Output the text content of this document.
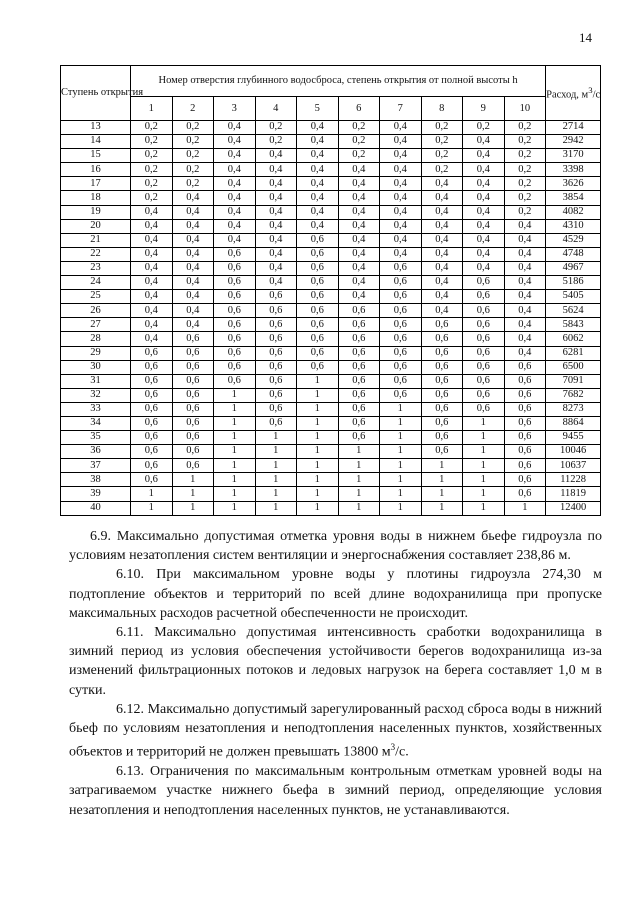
14
Ступень открытия	Номер отверстия глубинного водосброса, степень открытия от полной высоты h										Расход, $м^3/с$
	1	2	3	4	5	6	7	8	9	10	
13	0,2	0,2	0,4	0,2	0,4	0,2	0,4	0,2	0,2	0,2	2714
14	0,2	0,2	0,4	0,2	0,4	0,2	0,4	0,2	0,4	0,2	2942
15	0,2	0,2	0,4	0,4	0,4	0,2	0,4	0,2	0,4	0,2	3170
16	0,2	0,2	0,4	0,4	0,4	0,4	0,4	0,2	0,4	0,2	3398
17	0,2	0,2	0,4	0,4	0,4	0,4	0,4	0,4	0,4	0,2	3626
18	0,2	0,4	0,4	0,4	0,4	0,4	0,4	0,4	0,4	0,2	3854
19	0,4	0,4	0,4	0,4	0,4	0,4	0,4	0,4	0,4	0,2	4082
20	0,4	0,4	0,4	0,4	0,4	0,4	0,4	0,4	0,4	0,4	4310
21	0,4	0,4	0,4	0,4	0,6	0,4	0,4	0,4	0,4	0,4	4529
22	0,4	0,4	0,6	0,4	0,6	0,4	0,4	0,4	0,4	0,4	4748
23	0,4	0,4	0,6	0,4	0,6	0,4	0,6	0,4	0,4	0,4	4967
24	0,4	0,4	0,6	0,4	0,6	0,4	0,6	0,4	0,6	0,4	5186
25	0,4	0,4	0,6	0,6	0,6	0,4	0,6	0,4	0,6	0,4	5405
26	0,4	0,4	0,6	0,6	0,6	0,6	0,6	0,4	0,6	0,4	5624
27	0,4	0,4	0,6	0,6	0,6	0,6	0,6	0,6	0,6	0,4	5843
28	0,4	0,6	0,6	0,6	0,6	0,6	0,6	0,6	0,6	0,4	6062
29	0,6	0,6	0,6	0,6	0,6	0,6	0,6	0,6	0,6	0,4	6281
30	0,6	0,6	0,6	0,6	0,6	0,6	0,6	0,6	0,6	0,6	6500
31	0,6	0,6	0,6	0,6	1	0,6	0,6	0,6	0,6	0,6	7091
32	0,6	0,6	1	0,6	1	0,6	0,6	0,6	0,6	0,6	7682
33	0,6	0,6	1	0,6	1	0,6	1	0,6	0,6	0,6	8273
34	0,6	0,6	1	0,6	1	0,6	1	0,6	1	0,6	8864
35	0,6	0,6	1	1	1	0,6	1	0,6	1	0,6	9455
36	0,6	0,6	1	1	1	1	1	0,6	1	0,6	10046
37	0,6	0,6	1	1	1	1	1	1	1	0,6	10637
38	0,6	1	1	1	1	1	1	1	1	0,6	11228
39	1	1	1	1	1	1	1	1	1	0,6	11819
40	1	1	1	1	1	1	1	1	1	1	12400

6.9. Максимально допустимая отметка уровня воды в нижнем бьефе гидроузла по условиям незатопления систем вентиляции и энергоснабжения составляет 238,86 м.

6.10. При максимальном уровне воды у плотины гидроузла 274,30 м подтопление объектов и территорий по всей длине водохранилища при пропуске максимальных расходов расчетной обеспеченности не происходит.

6.11. Максимально допустимая интенсивность сработки водохранилища в зимний период из условия обеспечения устойчивости берегов водохранилища из-за изменений фильтрационных потоков и ледовых нагрузок на берега составляет 1,0 м в сутки.

6.12. Максимально допустимый зарегулированный расход сброса воды в нижний бьеф по условиям незатопления и неподтопления населенных пунктов, хозяйственных объектов и территорий не должен превышать 13800 $м^3/с$.

6.13. Ограничения по максимальным контрольным отметкам уровней воды на затрагиваемом участке нижнего бьефа в зимний период, определяющие условия незатопления и неподтопления населенных пунктов, не устанавливаются.
